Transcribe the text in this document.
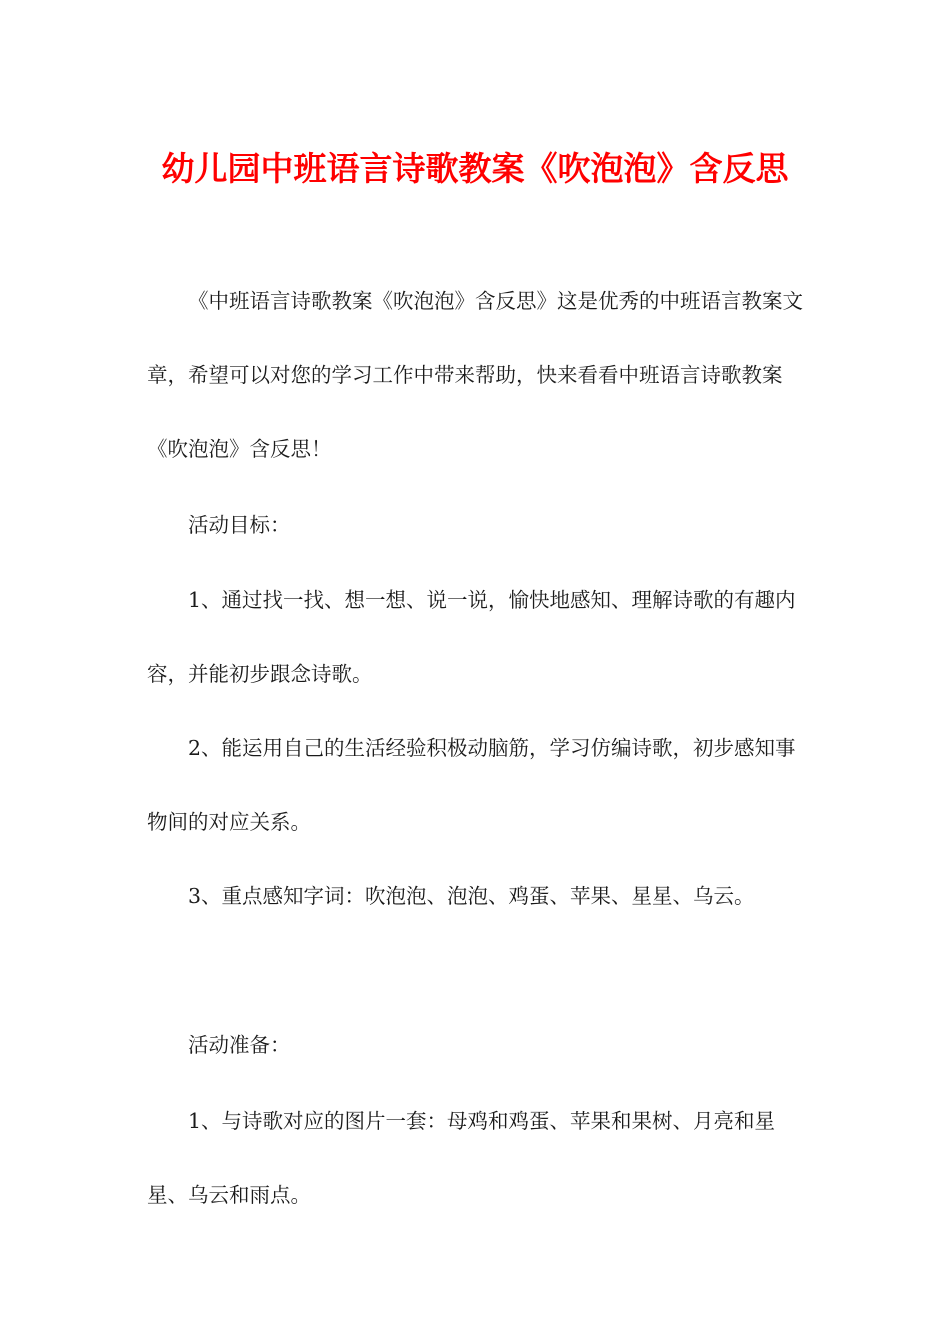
幼儿园中班语言诗歌教案《吹泡泡》含反思

《中班语言诗歌教案《吹泡泡》含反思》这是优秀的中班语言教案文章，希望可以对您的学习工作中带来帮助，快来看看中班语言诗歌教案《吹泡泡》含反思！

活动目标：

1、通过找一找、想一想、说一说，愉快地感知、理解诗歌的有趣内容，并能初步跟念诗歌。

2、能运用自己的生活经验积极动脑筋，学习仿编诗歌，初步感知事物间的对应关系。

3、重点感知字词：吹泡泡、泡泡、鸡蛋、苹果、星星、乌云。

活动准备：

1、与诗歌对应的图片一套：母鸡和鸡蛋、苹果和果树、月亮和星星、乌云和雨点。
